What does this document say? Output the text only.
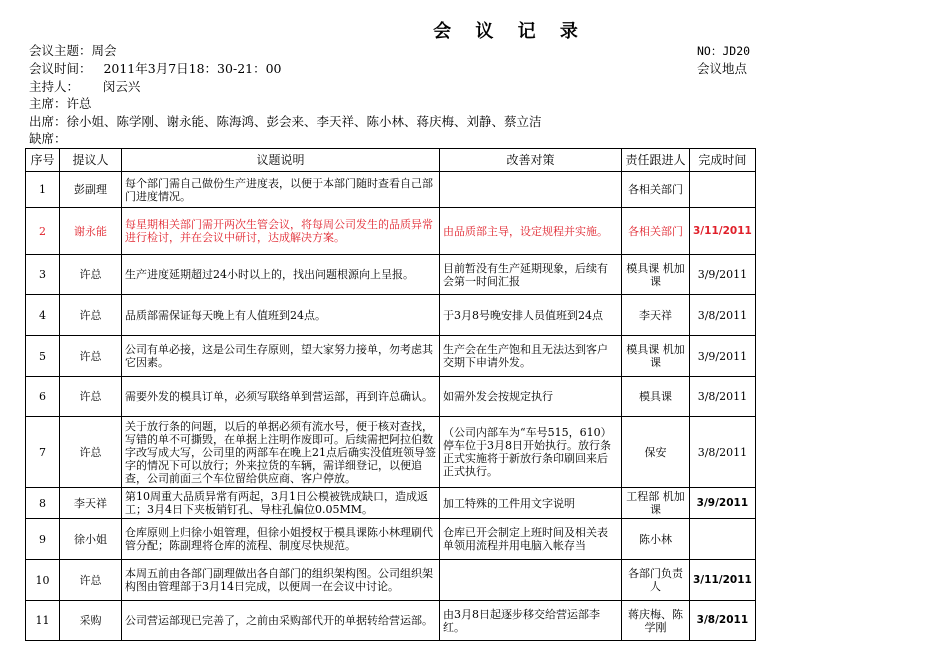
会 议 记 录
会议主题：周会	NO：JD20
会议时间： 2011年3月7日18：30-21：00	会议地点
主持人： 闵云兴
主席：许总
出席：徐小姐、陈学刚、谢永能、陈海鸿、彭会来、李天祥、陈小林、蒋庆梅、刘静、蔡立洁
缺席：
序号	提议人	议题说明	改善对策	责任跟进人	完成时间
1	彭副理	每个部门需自己做份生产进度表，以便于本部门随时查看自己部门进度情况。		各相关部门	
2	谢永能	每星期相关部门需开两次生管会议，将每周公司发生的品质异常进行检讨，并在会议中研讨，达成解决方案。	由品质部主导，设定规程并实施。	各相关部门	3/11/2011
3	许总	生产进度延期超过24小时以上的，找出问题根源向上呈报。	目前暂没有生产延期现象，后续有会第一时间汇报	模具课 机加课	3/9/2011
4	许总	品质部需保证每天晚上有人值班到24点。	于3月8号晚安排人员值班到24点	李天祥	3/8/2011
5	许总	公司有单必接，这是公司生存原则，望大家努力接单，勿考虑其它因素。	生产会在生产饱和且无法达到客户交期下申请外发。	模具课 机加课	3/9/2011
6	许总	需要外发的模具订单，必须写联络单到营运部，再到许总确认。	如需外发会按规定执行	模具课	3/8/2011
7	许总	关于放行条的问题，以后的单据必须有流水号，便于核对查找，写错的单不可撕毁，在单据上注明作废即可。后续需把阿拉伯数字改写成大写，公司里的两部车在晚上21点后确实没值班领导签字的情况下可以放行；外来拉货的车辆，需详细登记，以便追查，公司前面三个车位留给供应商、客户停放。	（公司内部车为“车号515，610）停车位于3月8日开始执行。放行条正式实施将于新放行条印刷回来后正式执行。	保安	3/8/2011
8	李天祥	第10周重大品质异常有两起，3月1日公模被铣成缺口，造成返工；3月4日下夹板销钉孔、导柱孔偏位0.05MM。	加工特殊的工件用文字说明	工程部 机加课	3/9/2011
9	徐小姐	仓库原则上归徐小姐管理，但徐小姐授权于模具课陈小林理刷代管分配；陈副理将仓库的流程、制度尽快规范。	仓库已开会制定上班时间及相关表单领用流程并用电脑入帐存当	陈小林	
10	许总	本周五前由各部门副理做出各自部门的组织架构图。公司组织架构图由管理部于3月14日完成，以便周一在会议中讨论。		各部门负责人	3/11/2011
11	采购	公司营运部现已完善了，之前由采购部代开的单据转给营运部。	由3月8日起逐步移交给营运部李红。	蒋庆梅、陈学刚	3/8/2011
